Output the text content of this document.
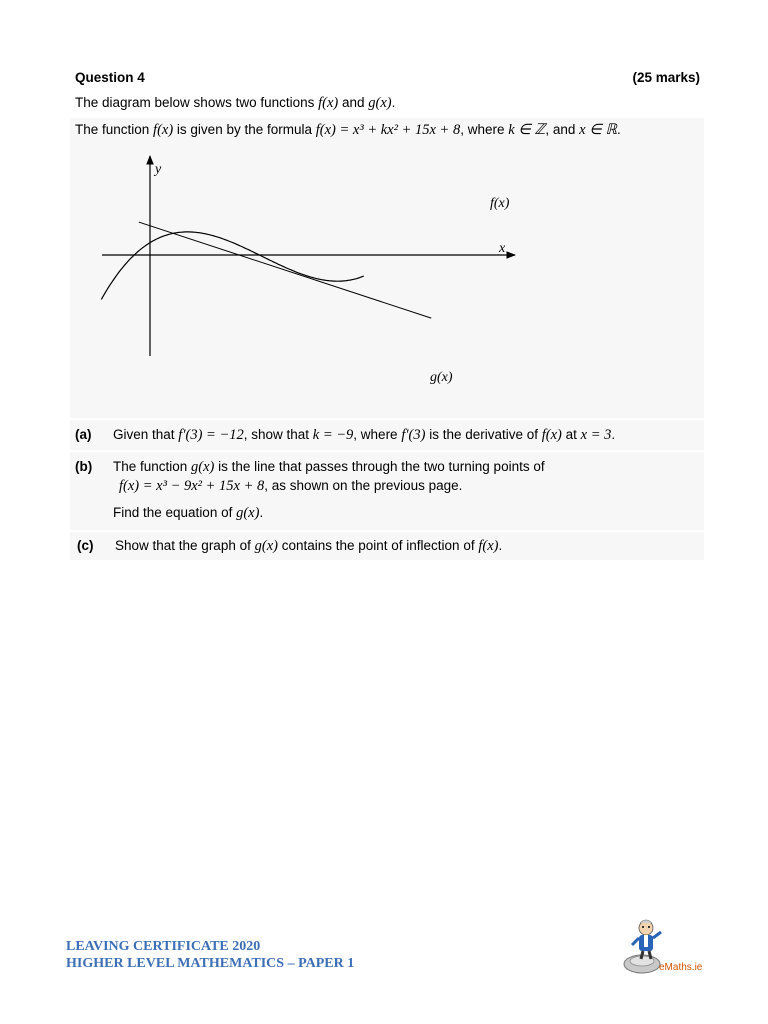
Question 4	(25 marks)
The diagram below shows two functions f(x) and g(x).
The function f(x) is given by the formula f(x) = x³ + kx² + 15x + 8, where k ∈ ℤ, and x ∈ ℝ.
y
x
f(x)
g(x)
(a) Given that f′(3) = −12, show that k = −9, where f′(3) is the derivative of f(x) at x = 3.
(b) The function g(x) is the line that passes through the two turning points of
f(x) = x³ − 9x² + 15x + 8, as shown on the previous page.
Find the equation of g(x).
(c) Show that the graph of g(x) contains the point of inflection of f(x).
LEAVING CERTIFICATE 2020
HIGHER LEVEL MATHEMATICS – PAPER 1	eMaths.ie
